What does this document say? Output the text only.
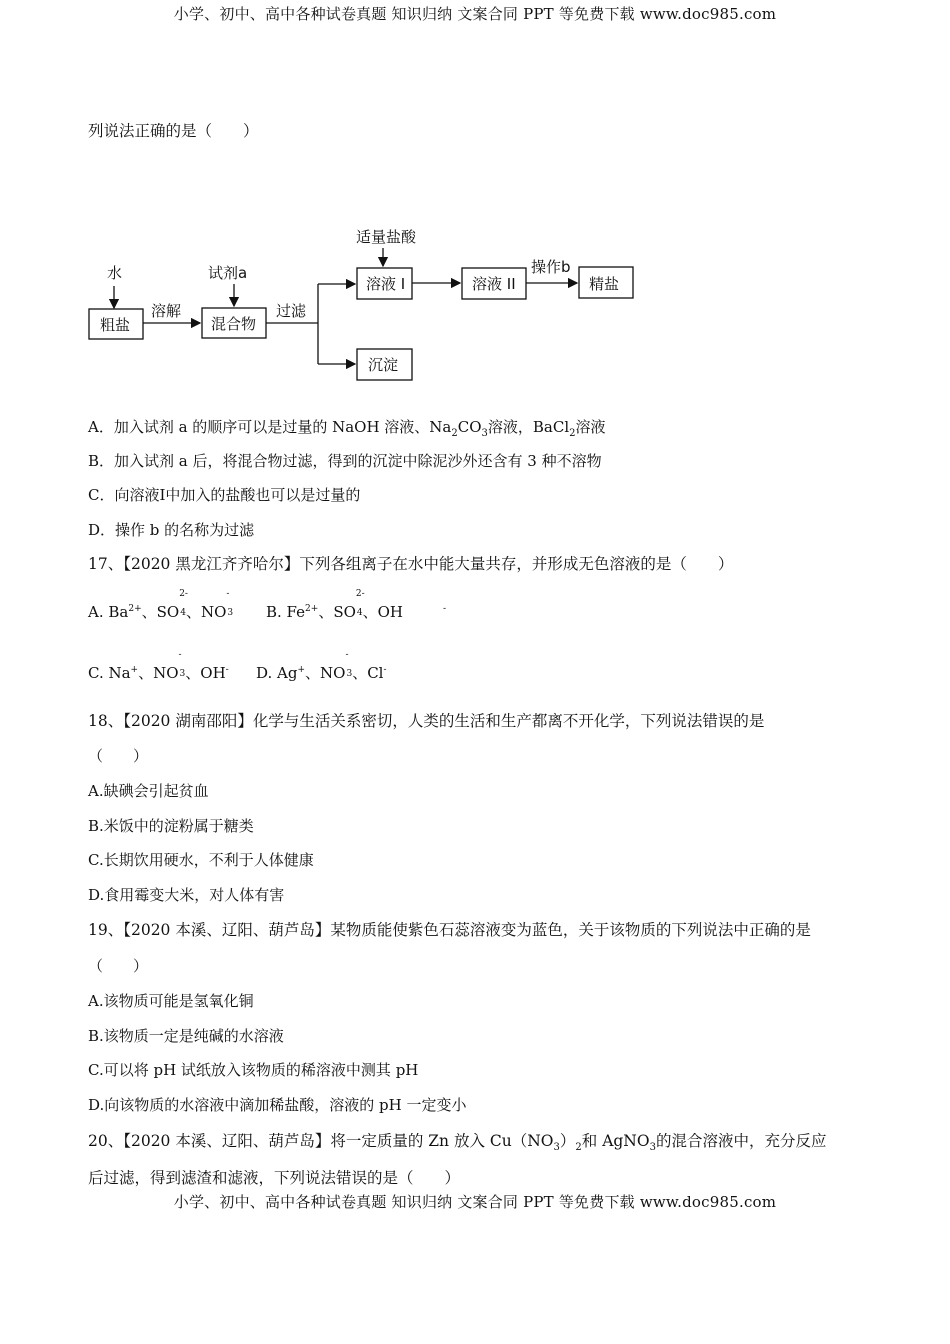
小学、初中、高中各种试卷真题 知识归纳 文案合同 PPT 等免费下载 www.doc985.com
列说法正确的是（　　）
水
粗盐
溶解
试剂a
混合物
过滤
适量盐酸
溶液 I	溶液 II
操作b
精盐
沉淀
A．加入试剂 a 的顺序可以是过量的 NaOH 溶液、$Na_2CO_3$溶液，BaCl$_2$溶液
B．加入试剂 a 后，将混合物过滤，得到的沉淀中除泥沙外还含有 3 种不溶物
C．向溶液Ⅰ中加入的盐酸也可以是过量的
D．操作 b 的名称为过滤
17、【2020 黑龙江齐齐哈尔】下列各组离子在水中能大量共存，并形成无色溶液的是（　　）
A. $Ba^{2+}$、SO
2-
4、NO
-
3 B. $Fe^{2+}$、SO
2-
4、OH	-
C. Na+、NO
-
3、OH- D. Ag+、NO
-
3、Cl-
18、【2020 湖南邵阳】化学与生活关系密切，人类的生活和生产都离不开化学，下列说法错误的是
（　　）
A.缺碘会引起贫血
B.米饭中的淀粉属于糖类
C.长期饮用硬水，不利于人体健康
D.食用霉变大米，对人体有害
19、【2020 本溪、辽阳、葫芦岛】某物质能使紫色石蕊溶液变为蓝色，关于该物质的下列说法中正确的是
（　　）
A.该物质可能是氢氧化铜
B.该物质一定是纯碱的水溶液
C.可以将 pH 试纸放入该物质的稀溶液中测其 pH
D.向该物质的水溶液中滴加稀盐酸，溶液的 pH 一定变小
20、【2020 本溪、辽阳、葫芦岛】将一定质量的 Zn 放入 $Cu(NO_3)_2$和 AgNO$_3$的混合溶液中，充分反应
后过滤，得到滤渣和滤液，下列说法错误的是（　　）
小学、初中、高中各种试卷真题 知识归纳 文案合同 PPT 等免费下载 www.doc985.com
